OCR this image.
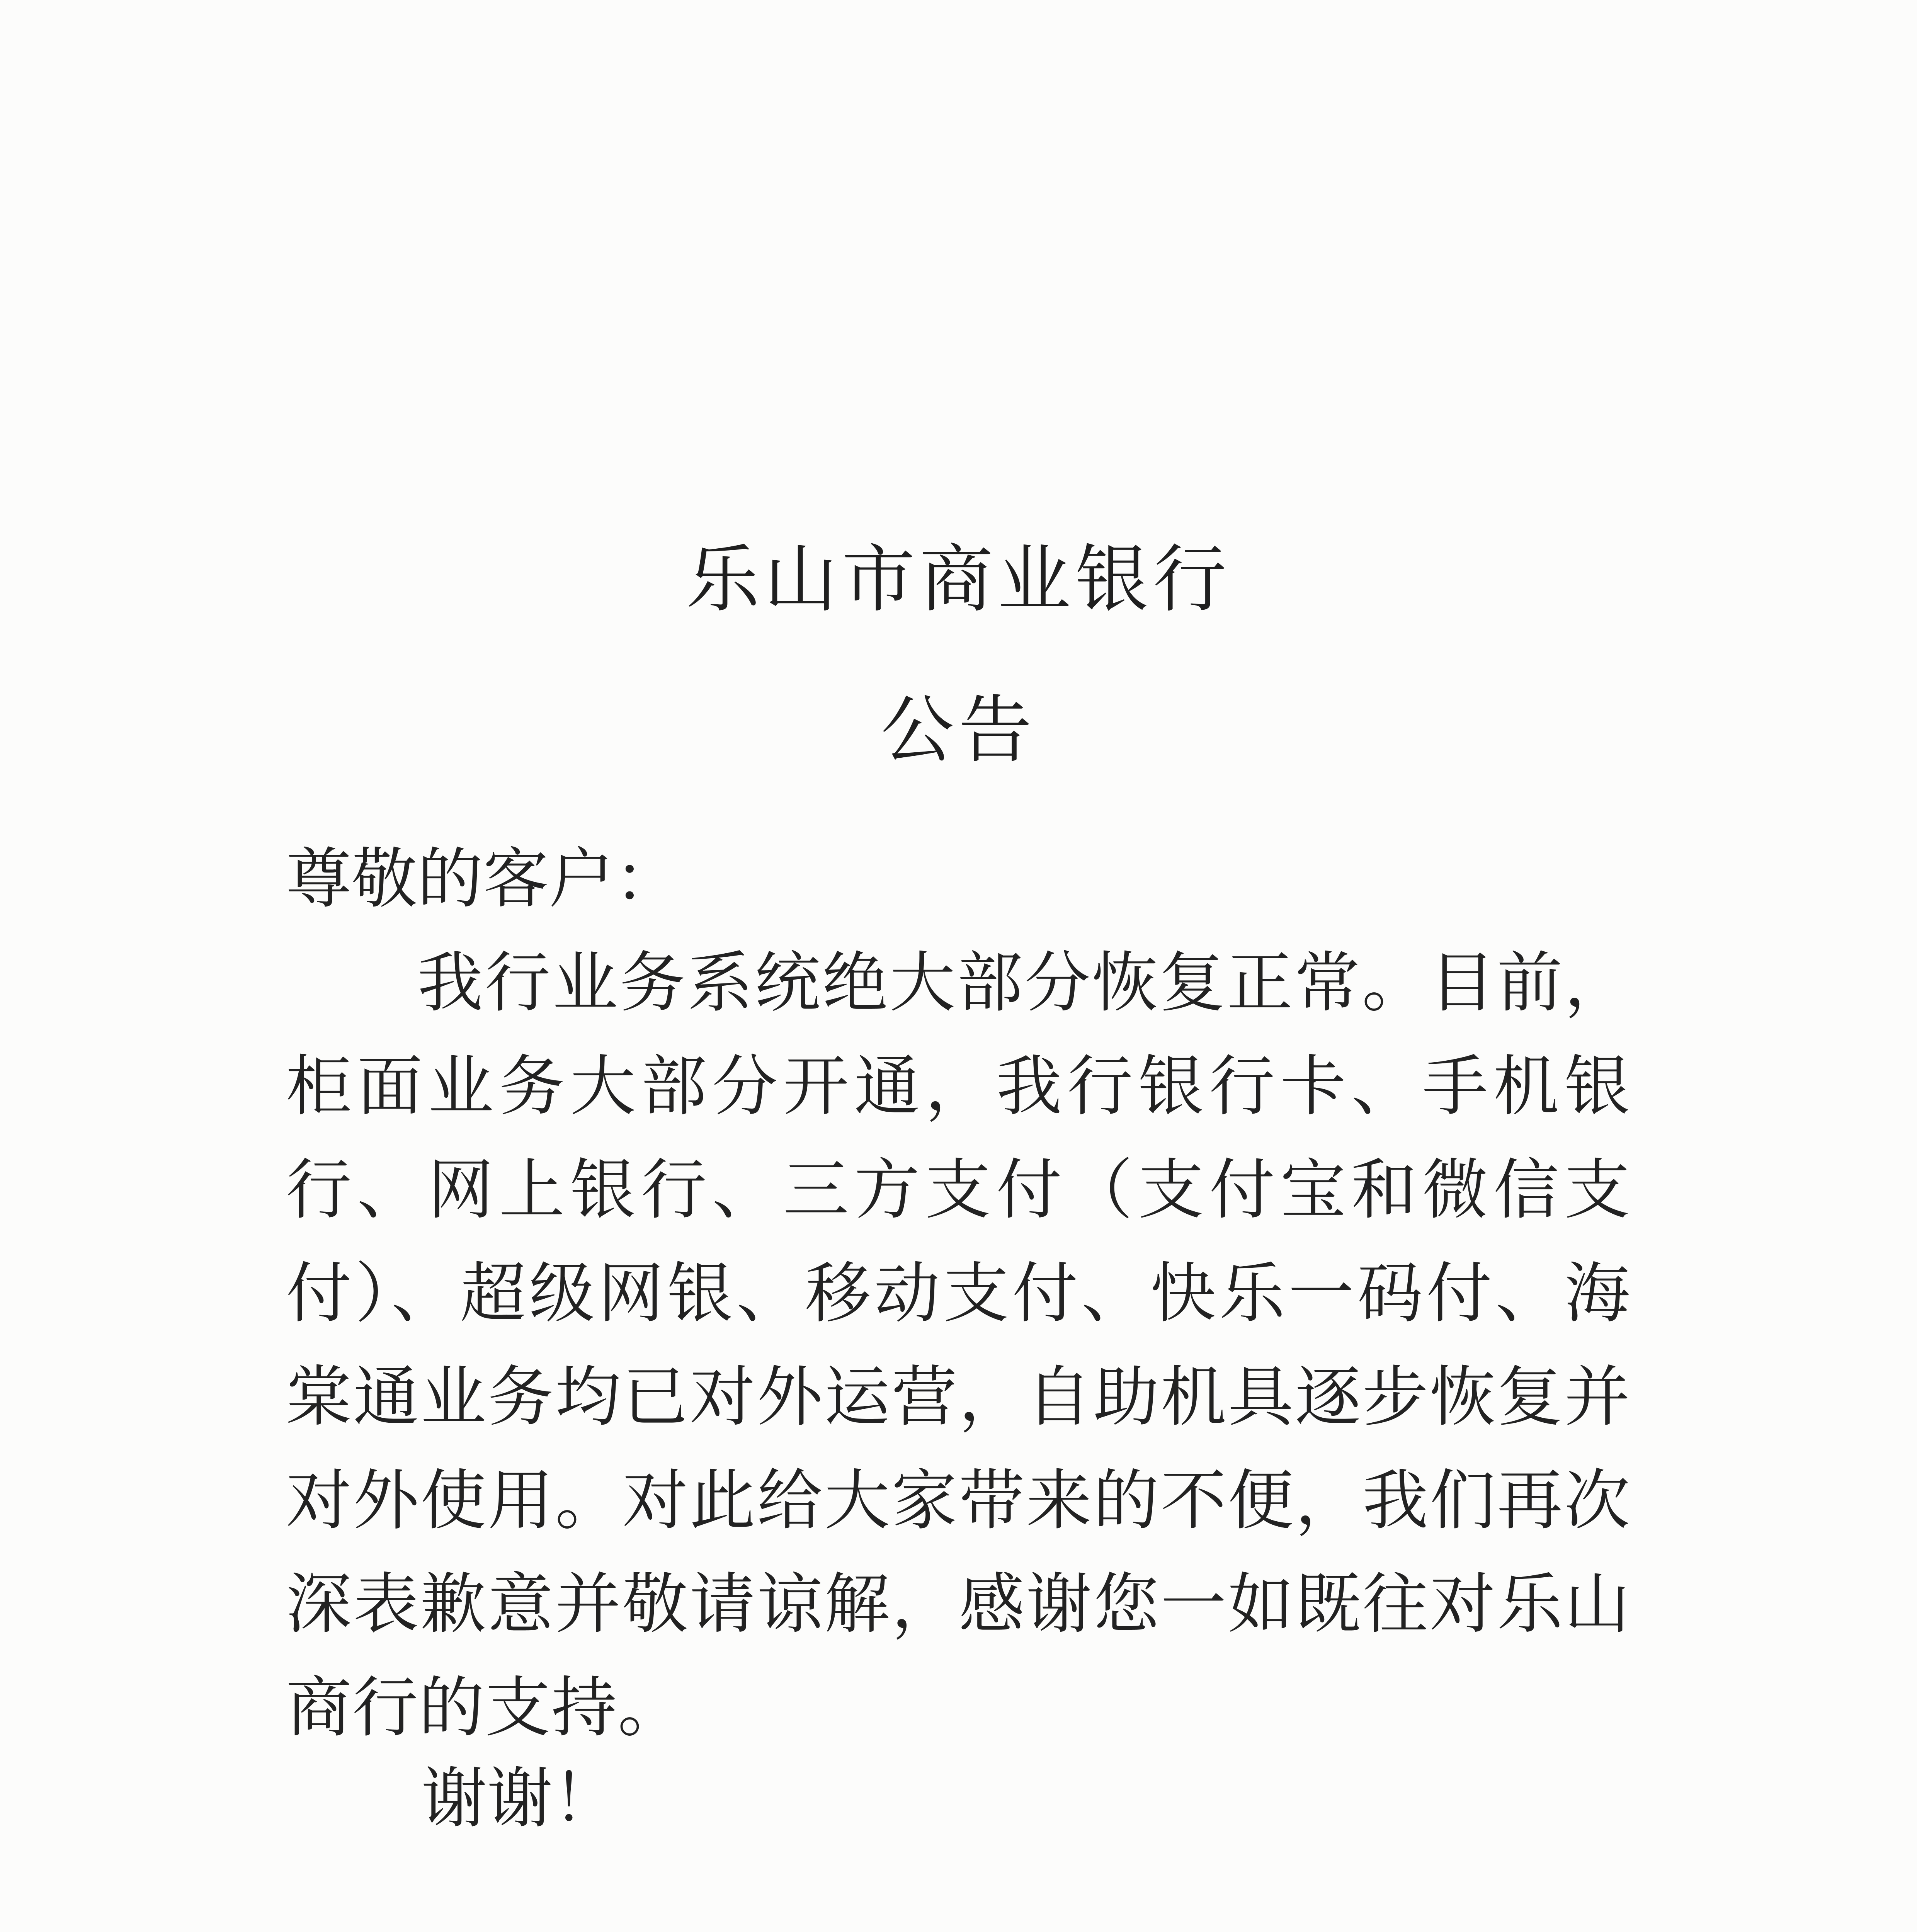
乐山市商业银行
公告
尊敬的客户：
我行业务系统绝大部分恢复正常。目前，柜面业务大部分开通，我行银行卡、手机银行、网上银行、三方支付（支付宝和微信支付）、超级网银、移动支付、快乐一码付、海棠通业务均已对外运营，自助机具逐步恢复并对外使用。对此给大家带来的不便，我们再次深表歉意并敬请谅解，感谢您一如既往对乐山商行的支持。
谢谢！
